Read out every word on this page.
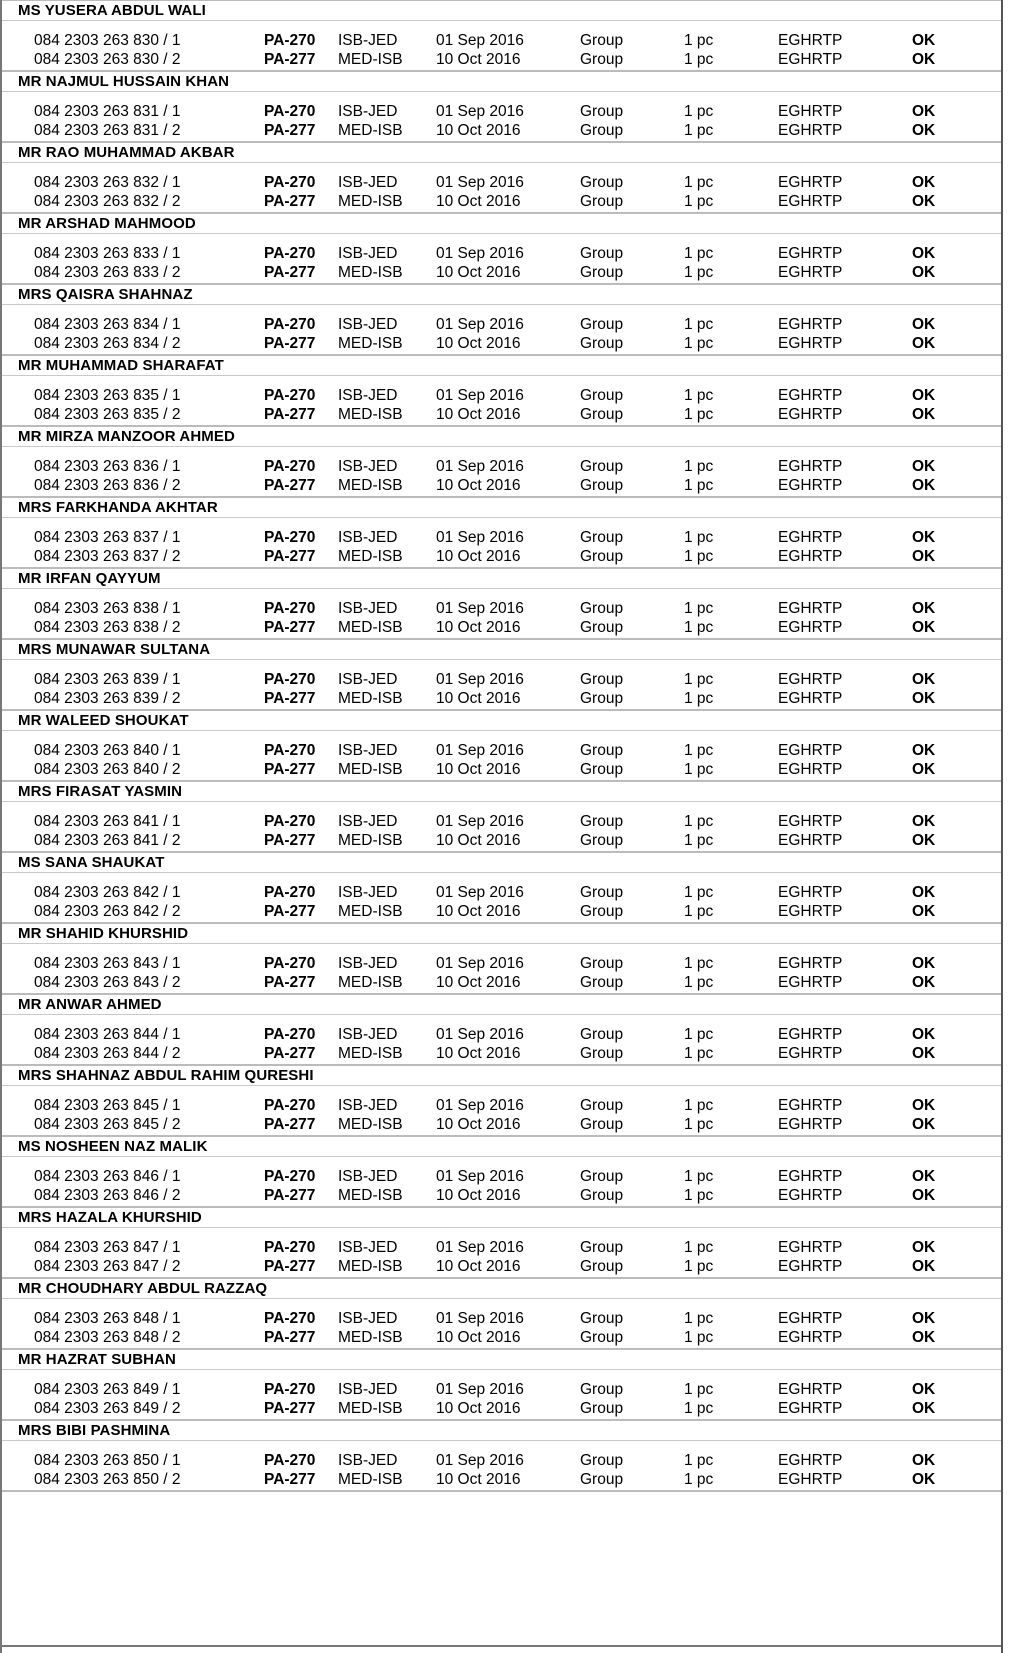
MS YUSERA ABDUL WALI
084 2303 263 830 / 1	PA-270 ISB-JED 01 Sep 2016	Group	1 pc	EGHRTP	OK
084 2303 263 830 / 2	PA-277 MED-ISB 10 Oct 2016	Group	1 pc	EGHRTP	OK
MR NAJMUL HUSSAIN KHAN
084 2303 263 831 / 1	PA-270 ISB-JED 01 Sep 2016	Group	1 pc	EGHRTP	OK
084 2303 263 831 / 2	PA-277 MED-ISB 10 Oct 2016	Group	1 pc	EGHRTP	OK
MR RAO MUHAMMAD AKBAR
084 2303 263 832 / 1	PA-270 ISB-JED 01 Sep 2016	Group	1 pc	EGHRTP	OK
084 2303 263 832 / 2	PA-277 MED-ISB 10 Oct 2016	Group	1 pc	EGHRTP	OK
MR ARSHAD MAHMOOD
084 2303 263 833 / 1	PA-270 ISB-JED 01 Sep 2016	Group	1 pc	EGHRTP	OK
084 2303 263 833 / 2	PA-277 MED-ISB 10 Oct 2016	Group	1 pc	EGHRTP	OK
MRS QAISRA SHAHNAZ
084 2303 263 834 / 1	PA-270 ISB-JED 01 Sep 2016	Group	1 pc	EGHRTP	OK
084 2303 263 834 / 2	PA-277 MED-ISB 10 Oct 2016	Group	1 pc	EGHRTP	OK
MR MUHAMMAD SHARAFAT
084 2303 263 835 / 1	PA-270 ISB-JED 01 Sep 2016	Group	1 pc	EGHRTP	OK
084 2303 263 835 / 2	PA-277 MED-ISB 10 Oct 2016	Group	1 pc	EGHRTP	OK
MR MIRZA MANZOOR AHMED
084 2303 263 836 / 1	PA-270 ISB-JED 01 Sep 2016	Group	1 pc	EGHRTP	OK
084 2303 263 836 / 2	PA-277 MED-ISB 10 Oct 2016	Group	1 pc	EGHRTP	OK
MRS FARKHANDA AKHTAR
084 2303 263 837 / 1	PA-270 ISB-JED 01 Sep 2016	Group	1 pc	EGHRTP	OK
084 2303 263 837 / 2	PA-277 MED-ISB 10 Oct 2016	Group	1 pc	EGHRTP	OK
MR IRFAN QAYYUM
084 2303 263 838 / 1	PA-270 ISB-JED 01 Sep 2016	Group	1 pc	EGHRTP	OK
084 2303 263 838 / 2	PA-277 MED-ISB 10 Oct 2016	Group	1 pc	EGHRTP	OK
MRS MUNAWAR SULTANA
084 2303 263 839 / 1	PA-270 ISB-JED 01 Sep 2016	Group	1 pc	EGHRTP	OK
084 2303 263 839 / 2	PA-277 MED-ISB 10 Oct 2016	Group	1 pc	EGHRTP	OK
MR WALEED SHOUKAT
084 2303 263 840 / 1	PA-270 ISB-JED 01 Sep 2016	Group	1 pc	EGHRTP	OK
084 2303 263 840 / 2	PA-277 MED-ISB 10 Oct 2016	Group	1 pc	EGHRTP	OK
MRS FIRASAT YASMIN
084 2303 263 841 / 1	PA-270 ISB-JED 01 Sep 2016	Group	1 pc	EGHRTP	OK
084 2303 263 841 / 2	PA-277 MED-ISB 10 Oct 2016	Group	1 pc	EGHRTP	OK
MS SANA SHAUKAT
084 2303 263 842 / 1	PA-270 ISB-JED 01 Sep 2016	Group	1 pc	EGHRTP	OK
084 2303 263 842 / 2	PA-277 MED-ISB 10 Oct 2016	Group	1 pc	EGHRTP	OK
MR SHAHID KHURSHID
084 2303 263 843 / 1	PA-270 ISB-JED 01 Sep 2016	Group	1 pc	EGHRTP	OK
084 2303 263 843 / 2	PA-277 MED-ISB 10 Oct 2016	Group	1 pc	EGHRTP	OK
MR ANWAR AHMED
084 2303 263 844 / 1	PA-270 ISB-JED 01 Sep 2016	Group	1 pc	EGHRTP	OK
084 2303 263 844 / 2	PA-277 MED-ISB 10 Oct 2016	Group	1 pc	EGHRTP	OK
MRS SHAHNAZ ABDUL RAHIM QURESHI
084 2303 263 845 / 1	PA-270 ISB-JED 01 Sep 2016	Group	1 pc	EGHRTP	OK
084 2303 263 845 / 2	PA-277 MED-ISB 10 Oct 2016	Group	1 pc	EGHRTP	OK
MS NOSHEEN NAZ MALIK
084 2303 263 846 / 1	PA-270 ISB-JED 01 Sep 2016	Group	1 pc	EGHRTP	OK
084 2303 263 846 / 2	PA-277 MED-ISB 10 Oct 2016	Group	1 pc	EGHRTP	OK
MRS HAZALA KHURSHID
084 2303 263 847 / 1	PA-270 ISB-JED 01 Sep 2016	Group	1 pc	EGHRTP	OK
084 2303 263 847 / 2	PA-277 MED-ISB 10 Oct 2016	Group	1 pc	EGHRTP	OK
MR CHOUDHARY ABDUL RAZZAQ
084 2303 263 848 / 1	PA-270 ISB-JED 01 Sep 2016	Group	1 pc	EGHRTP	OK
084 2303 263 848 / 2	PA-277 MED-ISB 10 Oct 2016	Group	1 pc	EGHRTP	OK
MR HAZRAT SUBHAN
084 2303 263 849 / 1	PA-270 ISB-JED 01 Sep 2016	Group	1 pc	EGHRTP	OK
084 2303 263 849 / 2	PA-277 MED-ISB 10 Oct 2016	Group	1 pc	EGHRTP	OK
MRS BIBI PASHMINA
084 2303 263 850 / 1	PA-270 ISB-JED 01 Sep 2016	Group	1 pc	EGHRTP	OK
084 2303 263 850 / 2	PA-277 MED-ISB 10 Oct 2016	Group	1 pc	EGHRTP	OK
